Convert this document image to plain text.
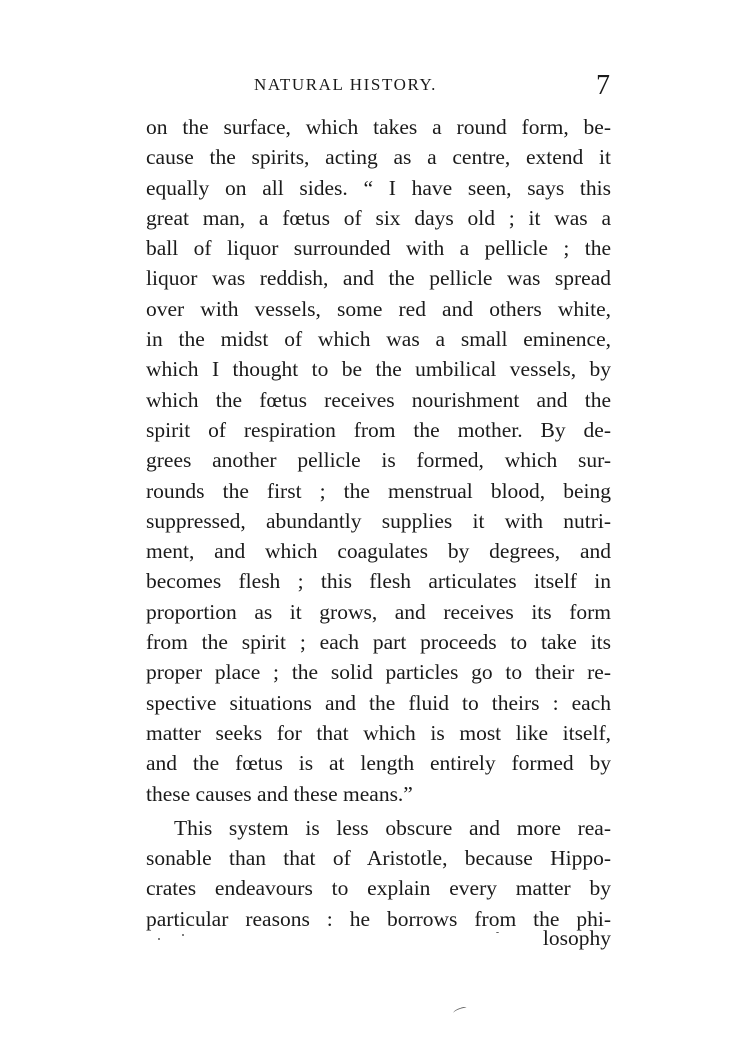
NATURAL HISTORY.	7
on the surface, which takes a round form, be-
cause the spirits, acting as a centre, extend it
equally on all sides. “ I have seen, says this
great man, a fœtus of six days old ; it was a
ball of liquor surrounded with a pellicle ; the
liquor was reddish, and the pellicle was spread
over with vessels, some red and others white,
in the midst of which was a small eminence,
which I thought to be the umbilical vessels, by
which the fœtus receives nourishment and the
spirit of respiration from the mother. By de-
grees another pellicle is formed, which sur-
rounds the first ; the menstrual blood, being
suppressed, abundantly supplies it with nutri-
ment, and which coagulates by degrees, and
becomes flesh ; this flesh articulates itself in
proportion as it grows, and receives its form
from the spirit ; each part proceeds to take its
proper place ; the solid particles go to their re-
spective situations and the fluid to theirs : each
matter seeks for that which is most like itself,
and the fœtus is at length entirely formed by
these causes and these means.”
This system is less obscure and more rea-
sonable than that of Aristotle, because Hippo-
crates endeavours to explain every matter by
particular reasons : he borrows from the phi-
losophy
